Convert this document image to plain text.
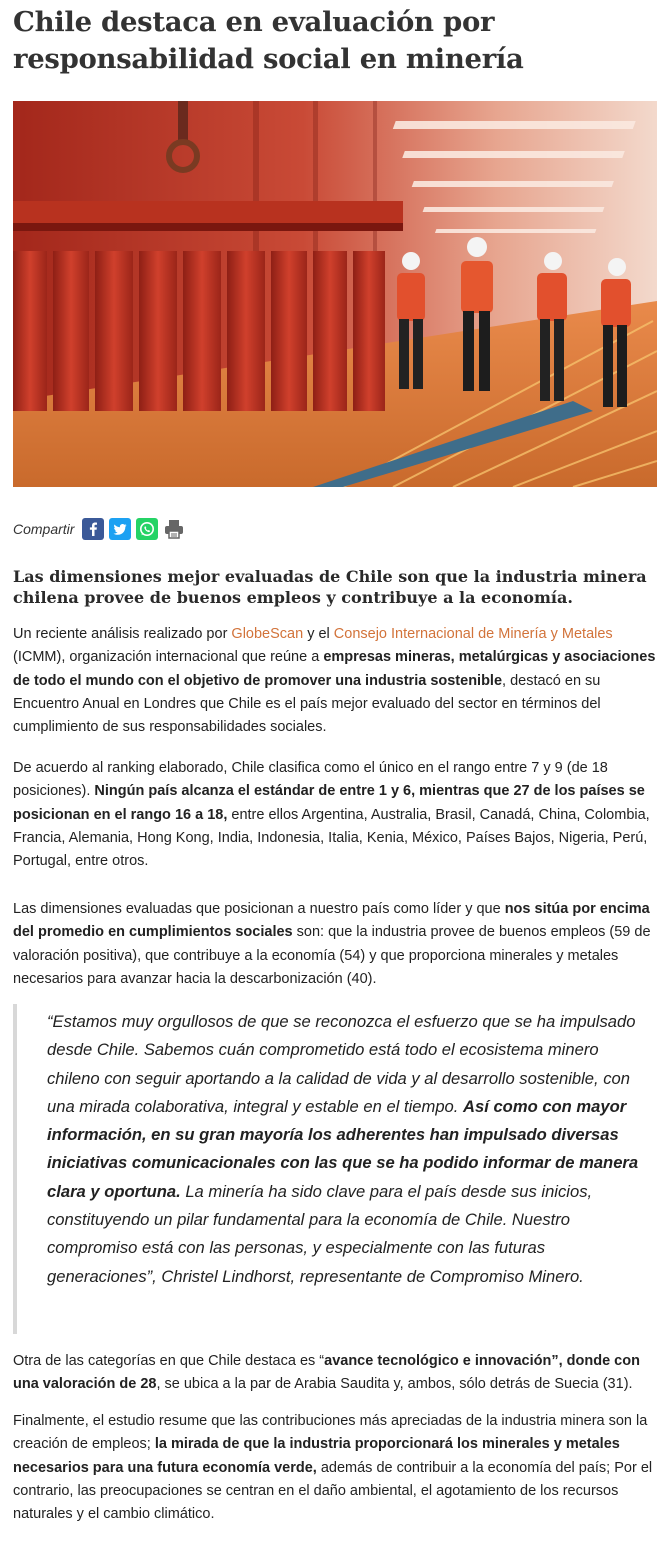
Chile destaca en evaluación por responsabilidad social en minería
Compartir

Las dimensiones mejor evaluadas de Chile son que la industria minera chilena provee de buenos empleos y contribuye a la economía.

Un reciente análisis realizado por GlobeScan y el Consejo Internacional de Minería y Metales (ICMM), organización internacional que reúne a empresas mineras, metalúrgicas y asociaciones de todo el mundo con el objetivo de promover una industria sostenible, destacó en su Encuentro Anual en Londres que Chile es el país mejor evaluado del sector en términos del cumplimiento de sus responsabilidades sociales.

De acuerdo al ranking elaborado, Chile clasifica como el único en el rango entre 7 y 9 (de 18 posiciones). Ningún país alcanza el estándar de entre 1 y 6, mientras que 27 de los países se posicionan en el rango 16 a 18, entre ellos Argentina, Australia, Brasil, Canadá, China, Colombia, Francia, Alemania, Hong Kong, India, Indonesia, Italia, Kenia, México, Países Bajos, Nigeria, Perú, Portugal, entre otros.

Las dimensiones evaluadas que posicionan a nuestro país como líder y que nos sitúa por encima del promedio en cumplimientos sociales son: que la industria provee de buenos empleos (59 de valoración positiva), que contribuye a la economía (54) y que proporciona minerales y metales necesarios para avanzar hacia la descarbonización (40).

“Estamos muy orgullosos de que se reconozca el esfuerzo que se ha impulsado desde Chile. Sabemos cuán comprometido está todo el ecosistema minero chileno con seguir aportando a la calidad de vida y al desarrollo sostenible, con una mirada colaborativa, integral y estable en el tiempo. Así como con mayor información, en su gran mayoría los adherentes han impulsado diversas iniciativas comunicacionales con las que se ha podido informar de manera clara y oportuna. La minería ha sido clave para el país desde sus inicios, constituyendo un pilar fundamental para la economía de Chile. Nuestro compromiso está con las personas, y especialmente con las futuras generaciones”, Christel Lindhorst, representante de Compromiso Minero.

Otra de las categorías en que Chile destaca es “avance tecnológico e innovación”, donde con una valoración de 28, se ubica a la par de Arabia Saudita y, ambos, sólo detrás de Suecia (31).

Finalmente, el estudio resume que las contribuciones más apreciadas de la industria minera son la creación de empleos; la mirada de que la industria proporcionará los minerales y metales necesarios para una futura economía verde, además de contribuir a la economía del país; Por el contrario, las preocupaciones se centran en el daño ambiental, el agotamiento de los recursos naturales y el cambio climático.
